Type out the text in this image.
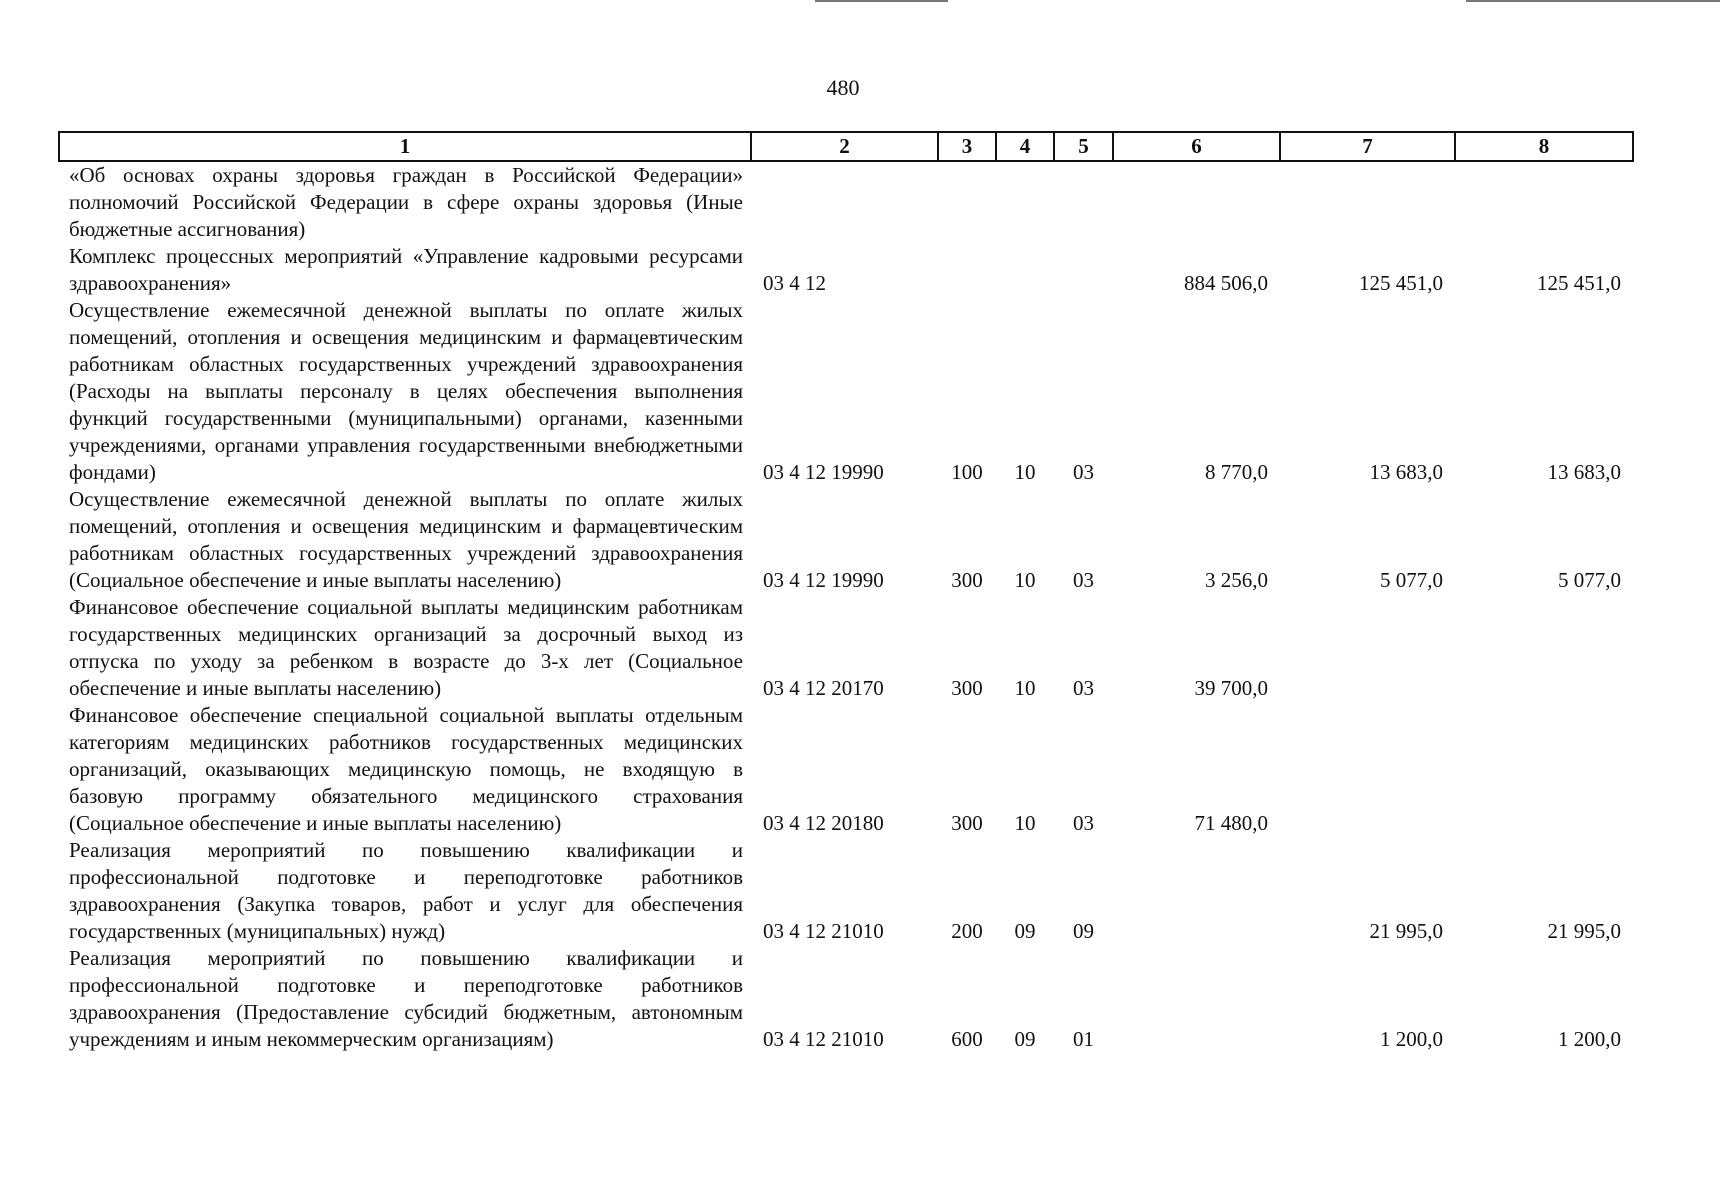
480
1	2	3	4	5	6	7	8
«Об основах охраны здоровья граждан в Российской Федерации» полномочий Российской Федерации в сфере охраны здоровья (Иные бюджетные ассигнования)							
Комплекс процессных мероприятий «Управление кадровыми ресурсами здравоохранения»	03 4 12				884 506,0	125 451,0	125 451,0
Осуществление ежемесячной денежной выплаты по оплате жилых помещений, отопления и освещения медицинским и фармацевтическим работникам областных государственных учреждений здравоохранения (Расходы на выплаты персоналу в целях обеспечения выполнения функций государственными (муниципальными) органами, казенными учреждениями, органами управления государственными внебюджетными фондами)	03 4 12 19990	100	10	03	8 770,0	13 683,0	13 683,0
Осуществление ежемесячной денежной выплаты по оплате жилых помещений, отопления и освещения медицинским и фармацевтическим работникам областных государственных учреждений здравоохранения (Социальное обеспечение и иные выплаты населению)	03 4 12 19990	300	10	03	3 256,0	5 077,0	5 077,0
Финансовое обеспечение социальной выплаты медицинским работникам государственных медицинских организаций за досрочный выход из отпуска по уходу за ребенком в возрасте до 3-х лет (Социальное обеспечение и иные выплаты населению)	03 4 12 20170	300	10	03	39 700,0		
Финансовое обеспечение специальной социальной выплаты отдельным категориям медицинских работников государственных медицинских организаций, оказывающих медицинскую помощь, не входящую в базовую программу обязательного медицинского страхования (Социальное обеспечение и иные выплаты населению)	03 4 12 20180	300	10	03	71 480,0		
Реализация мероприятий по повышению квалификации и профессиональной подготовке и переподготовке работников здравоохранения (Закупка товаров, работ и услуг для обеспечения государственных (муниципальных) нужд)	03 4 12 21010	200	09	09		21 995,0	21 995,0
Реализация мероприятий по повышению квалификации и профессиональной подготовке и переподготовке работников здравоохранения (Предоставление субсидий бюджетным, автономным учреждениям и иным некоммерческим организациям)	03 4 12 21010	600	09	01		1 200,0	1 200,0
